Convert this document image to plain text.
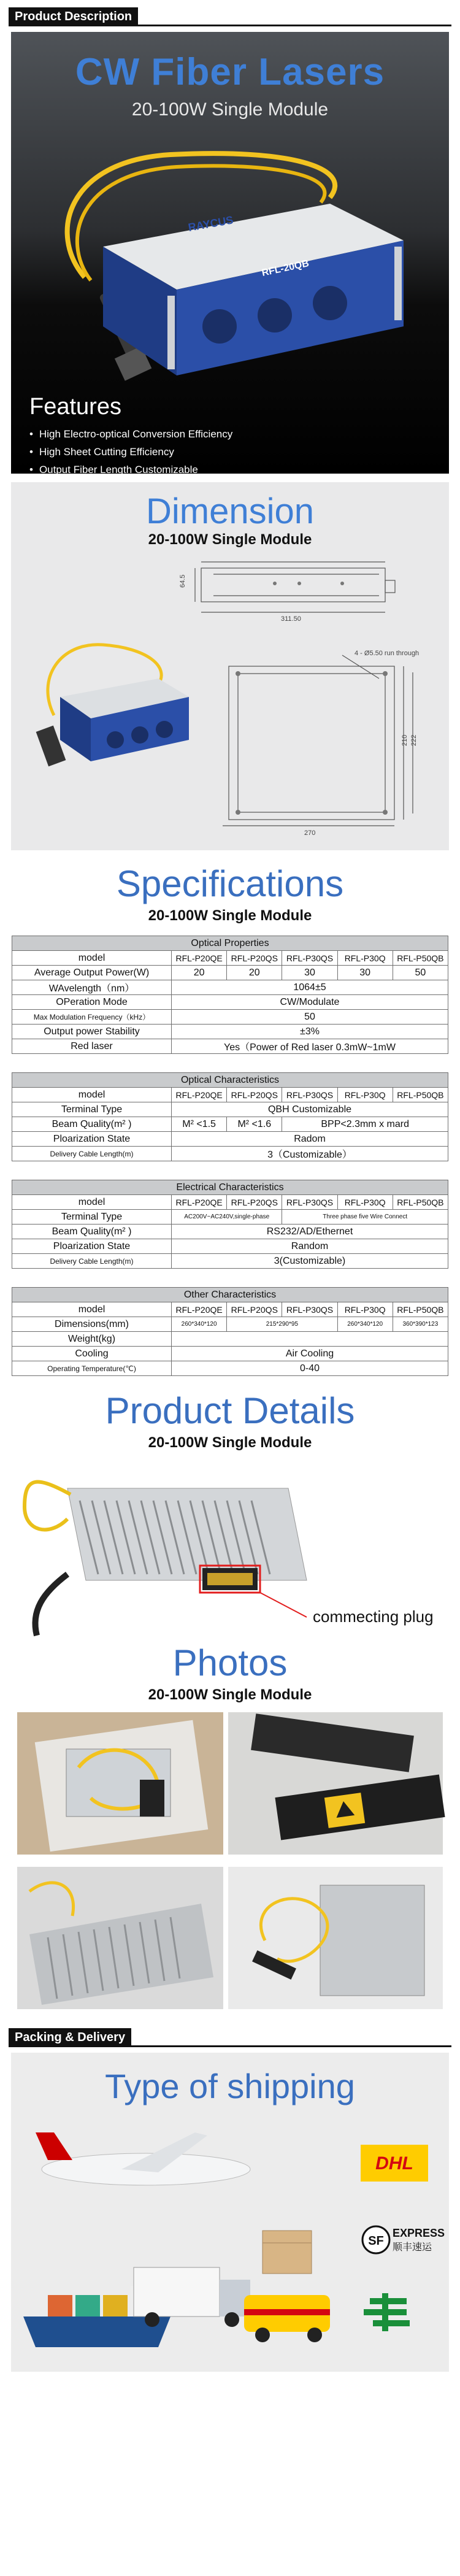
Product Description
CW Fiber Lasers
20-100W Single Module
RAYCUS
RFL-20QB
Features
• High Electro-optical Conversion Efficiency
• High Sheet Cutting Efficiency
• Output Fiber Length Customizable
•
Dimension
20-100W Single Module
64.5
311.50
4 - Ø5.50 run through
222
210
270
Specifications
20-100W Single Module
Optical Properties					
model	RFL-P20QE	RFL-P20QS	RFL-P30QS	RFL-P30Q	RFL-P50QB
Average Output Power(W)	20	20	30	30	50
WAvelength（nm）	1064±5				
OPeration Mode	CW/Modulate				
Max Modulation Frequency（kHz）	50				
Output power Stability	±3%				
Red laser	Yes（Power of Red laser 0.3mW~1mW				
Optical Characteristics					
model	RFL-P20QE	RFL-P20QS	RFL-P30QS	RFL-P30Q	RFL-P50QB
Terminal Type	QBH Customizable				
Beam Quality(m² )	M² <1.5	M² <1.6	BPP<2.3mm x mard		
Ploarization State	Radom				
Delivery Cable Length(m)	3（Customizable）				
Electrical Characteristics					
model	RFL-P20QE	RFL-P20QS	RFL-P30QS	RFL-P30Q	RFL-P50QB
Terminal Type	AC200V~AC240V,single-phase		Three phase five Wire Connect		
Beam Quality(m² )	RS232/AD/Ethernet				
Ploarization State	Random				
Delivery Cable Length(m)	3(Customizable)				
Other Characteristics					
model	RFL-P20QE	RFL-P20QS	RFL-P30QS	RFL-P30Q	RFL-P50QB
Dimensions(mm)	260*340*120	215*290*95		260*340*120	360*390*123
Weight(kg)					
Cooling	Air Cooling				
Operating Temperature(℃)	0-40				
Product Details
20-100W Single Module
commecting plug
Photos
20-100W Single Module
Packing & Delivery
Type of shipping
DHL
SF
EXPRESS
顺丰速运
